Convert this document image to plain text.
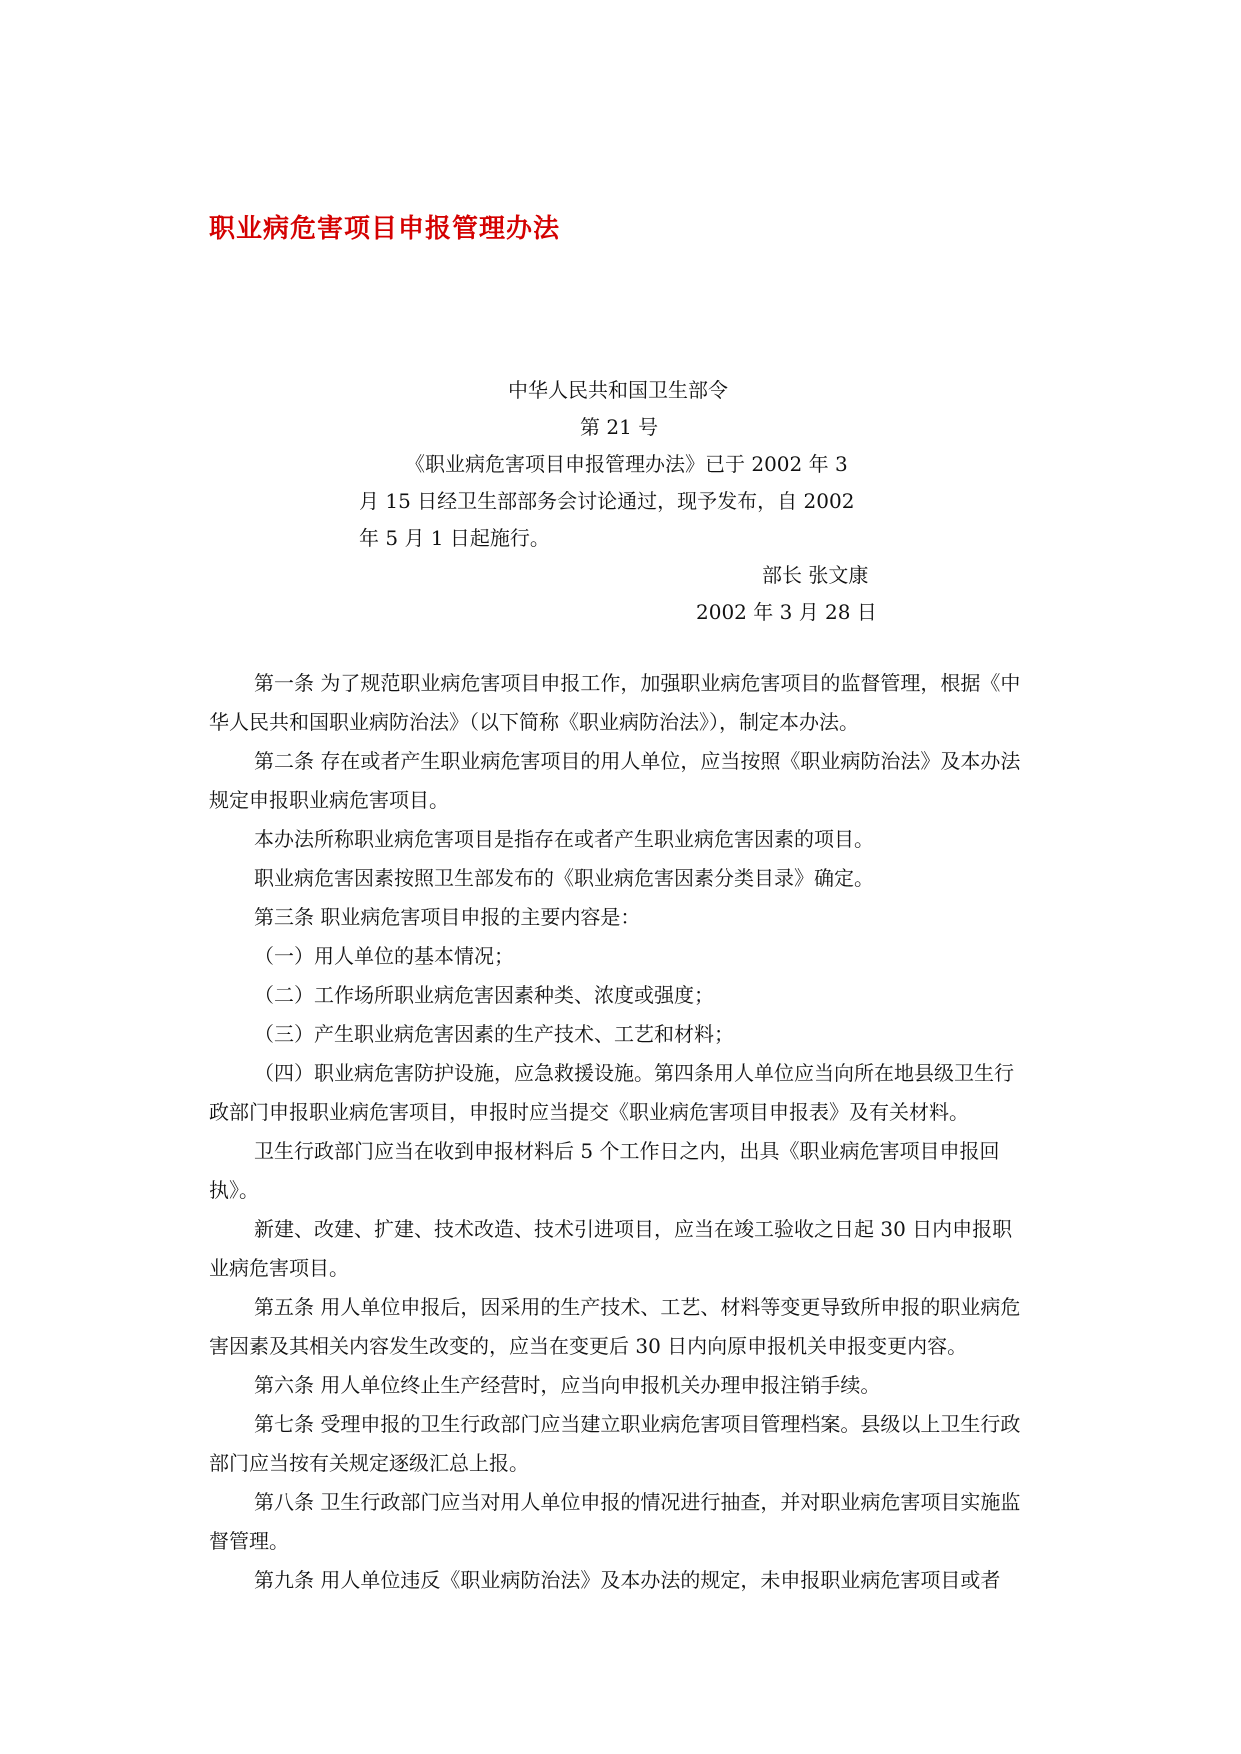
职业病危害项目申报管理办法
中华人民共和国卫生部令
第 21 号
《职业病危害项目申报管理办法》已于 2002 年 3
月 15 日经卫生部部务会讨论通过，现予发布，自 2002
年 5 月 1 日起施行。
部长 张文康
2002 年 3 月 28 日

第一条 为了规范职业病危害项目申报工作，加强职业病危害项目的监督管理，根据《中华人民共和国职业病防治法》（以下简称《职业病防治法》），制定本办法。

第二条 存在或者产生职业病危害项目的用人单位，应当按照《职业病防治法》及本办法规定申报职业病危害项目。

本办法所称职业病危害项目是指存在或者产生职业病危害因素的项目。

职业病危害因素按照卫生部发布的《职业病危害因素分类目录》确定。

第三条 职业病危害项目申报的主要内容是：

（一）用人单位的基本情况；

（二）工作场所职业病危害因素种类、浓度或强度；

（三）产生职业病危害因素的生产技术、工艺和材料；

（四）职业病危害防护设施，应急救援设施。第四条用人单位应当向所在地县级卫生行政部门申报职业病危害项目，申报时应当提交《职业病危害项目申报表》及有关材料。

卫生行政部门应当在收到申报材料后 5 个工作日之内，出具《职业病危害项目申报回执》。

新建、改建、扩建、技术改造、技术引进项目，应当在竣工验收之日起 30 日内申报职业病危害项目。

第五条 用人单位申报后，因采用的生产技术、工艺、材料等变更导致所申报的职业病危害因素及其相关内容发生改变的，应当在变更后 30 日内向原申报机关申报变更内容。

第六条 用人单位终止生产经营时，应当向申报机关办理申报注销手续。

第七条 受理申报的卫生行政部门应当建立职业病危害项目管理档案。县级以上卫生行政部门应当按有关规定逐级汇总上报。

第八条 卫生行政部门应当对用人单位申报的情况进行抽查，并对职业病危害项目实施监督管理。

第九条 用人单位违反《职业病防治法》及本办法的规定，未申报职业病危害项目或者
